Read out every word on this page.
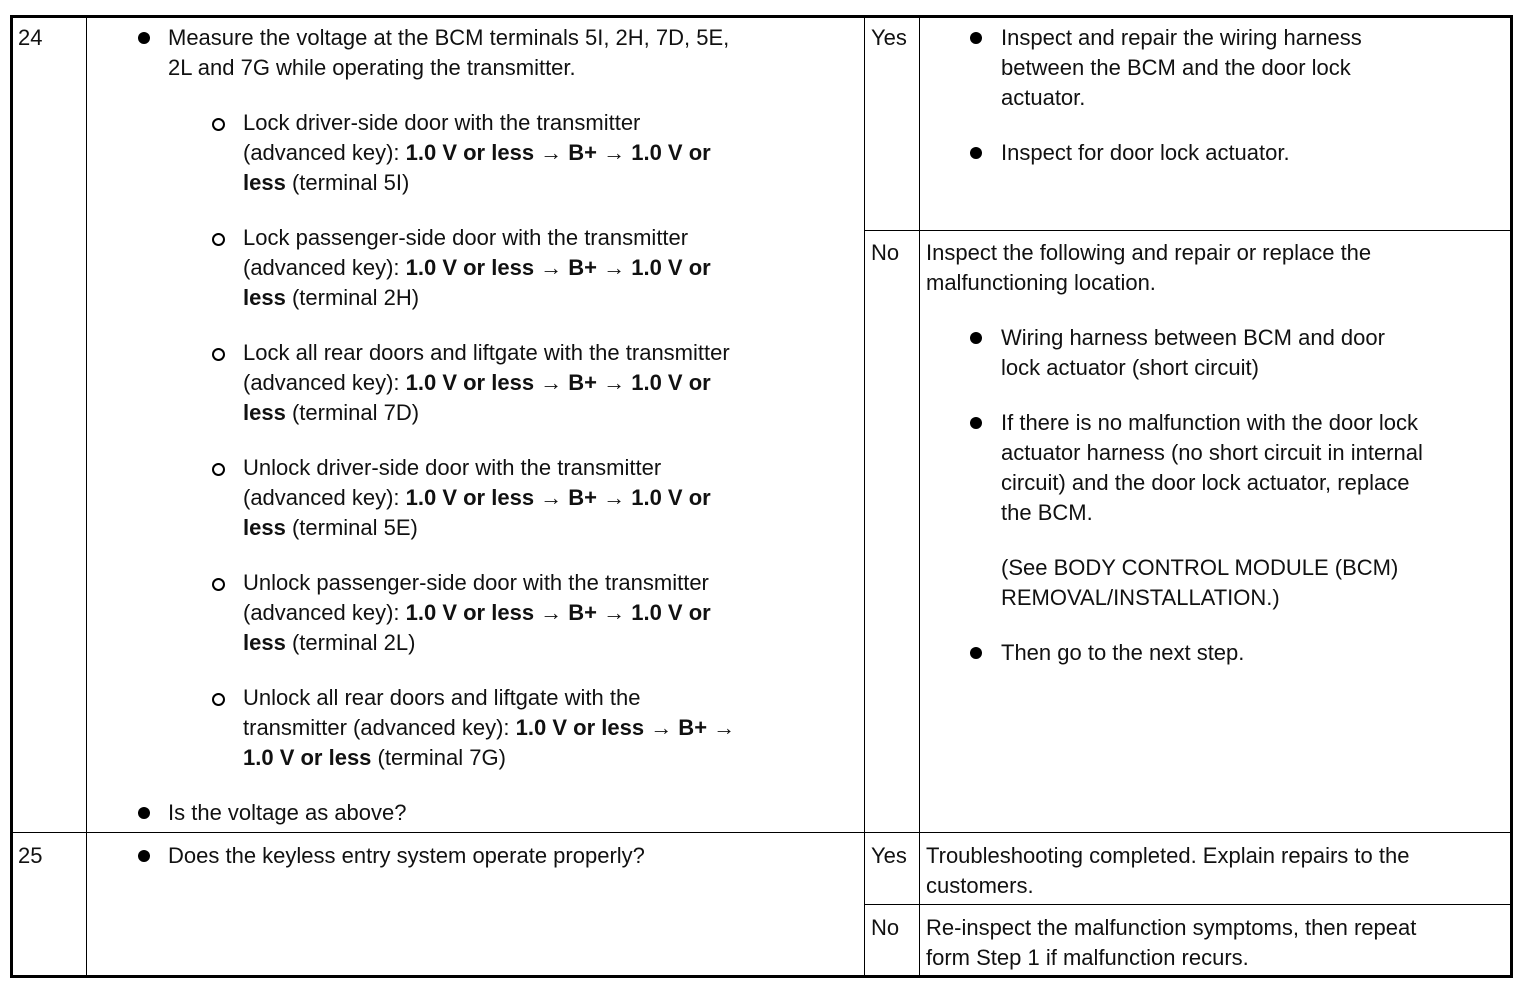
24	Measure the voltage at the BCM terminals 5I, 2H, 7D, 5E,
2L and 7G while operating the transmitter.
Lock driver-side door with the transmitter
(advanced key): 1.0 V or less → B+ → 1.0 V or
less (terminal 5I)
Lock passenger-side door with the transmitter
(advanced key): 1.0 V or less → B+ → 1.0 V or
less (terminal 2H)
Lock all rear doors and liftgate with the transmitter
(advanced key): 1.0 V or less → B+ → 1.0 V or
less (terminal 7D)
Unlock driver-side door with the transmitter
(advanced key): 1.0 V or less → B+ → 1.0 V or
less (terminal 5E)
Unlock passenger-side door with the transmitter
(advanced key): 1.0 V or less → B+ → 1.0 V or
less (terminal 2L)
Unlock all rear doors and liftgate with the
transmitter (advanced key): 1.0 V or less → B+ →
1.0 V or less (terminal 7G)
Is the voltage as above?
Yes	Inspect and repair the wiring harness
between the BCM and the door lock
actuator.
Inspect for door lock actuator.
No Inspect the following and repair or replace the
malfunctioning location.
Wiring harness between BCM and door
lock actuator (short circuit)
If there is no malfunction with the door lock
actuator harness (no short circuit in internal
circuit) and the door lock actuator, replace
the BCM.
(See BODY CONTROL MODULE (BCM)
REMOVAL/INSTALLATION.)
Then go to the next step.
25	Does the keyless entry system operate properly?	Yes Troubleshooting completed. Explain repairs to the
customers.
No Re-inspect the malfunction symptoms, then repeat
form Step 1 if malfunction recurs.
